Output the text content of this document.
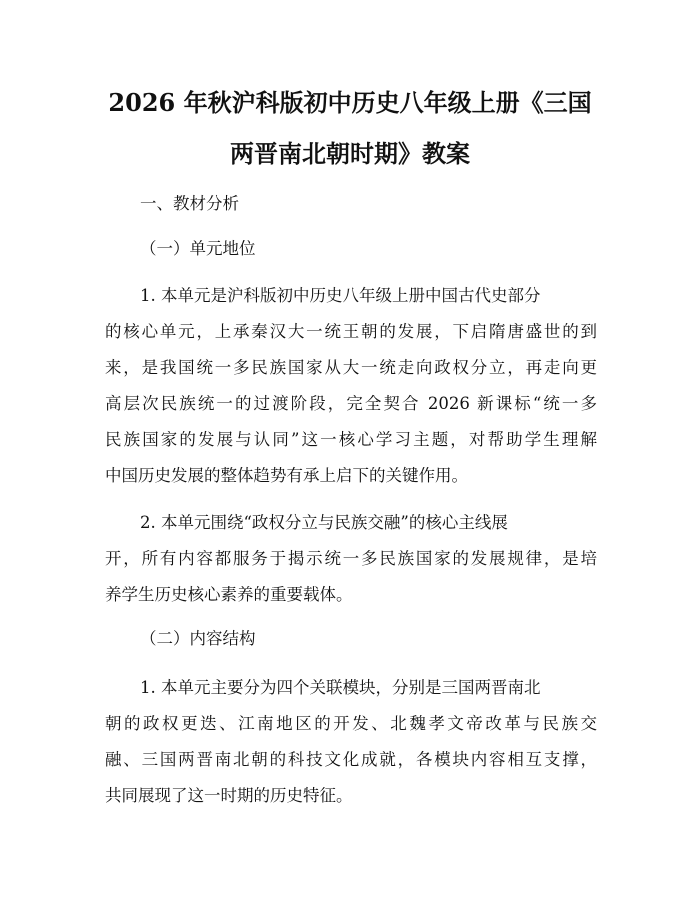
2026 年秋沪科版初中历史八年级上册《三国
两晋南北朝时期》教案
一、教材分析
（一）单元地位
1. 本单元是沪科版初中历史八年级上册中国古代史部分
的核心单元，上承秦汉大一统王朝的发展，下启隋唐盛世的到
来，是我国统一多民族国家从大一统走向政权分立，再走向更
高层次民族统一的过渡阶段，完全契合 2026 新课标“统一多
民族国家的发展与认同”这一核心学习主题，对帮助学生理解
中国历史发展的整体趋势有承上启下的关键作用。
2. 本单元围绕“政权分立与民族交融”的核心主线展
开，所有内容都服务于揭示统一多民族国家的发展规律，是培
养学生历史核心素养的重要载体。
（二）内容结构
1. 本单元主要分为四个关联模块，分别是三国两晋南北
朝的政权更迭、江南地区的开发、北魏孝文帝改革与民族交
融、三国两晋南北朝的科技文化成就，各模块内容相互支撑，
共同展现了这一时期的历史特征。
